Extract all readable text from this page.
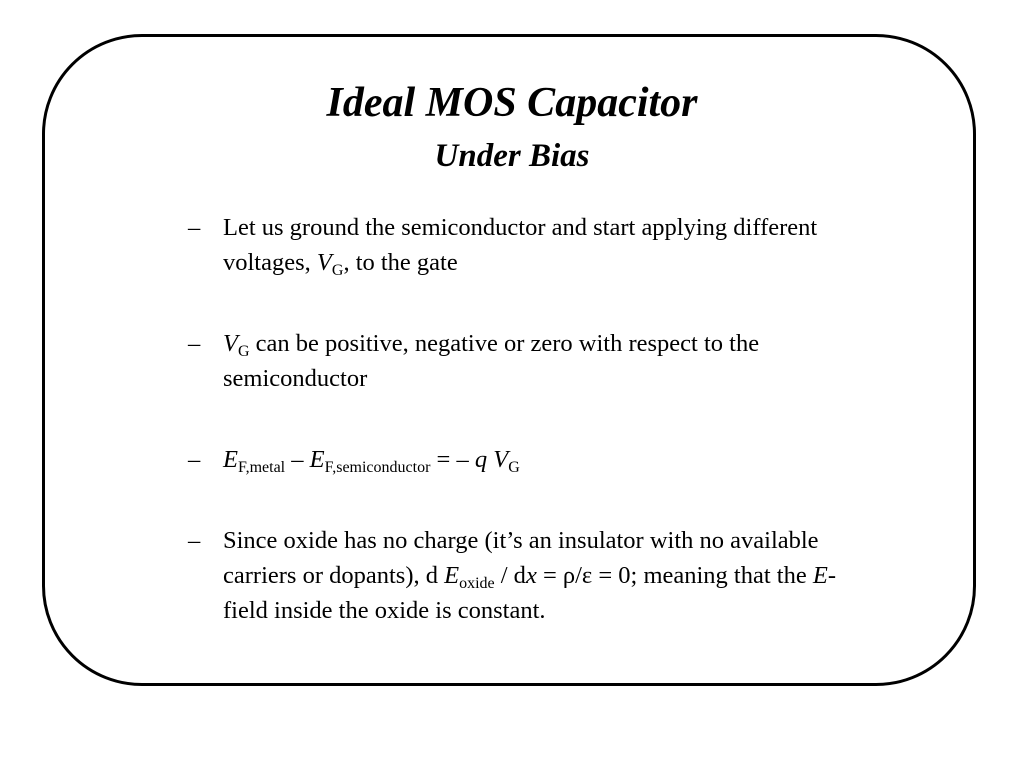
Ideal MOS Capacitor
Under Bias
– Let us ground the semiconductor and start applying different voltages, $V_G$, to the gate
– $V_G$ can be positive, negative or zero with respect to the semiconductor
– $E_{F,metal} - E_{F,semiconductor}$ = – q $V_G$
– Since oxide has no charge (it’s an insulator with no available carriers or dopants), d $E_{oxide}$ / dx = ρ/ε = 0; meaning that the E-field inside the oxide is constant.
